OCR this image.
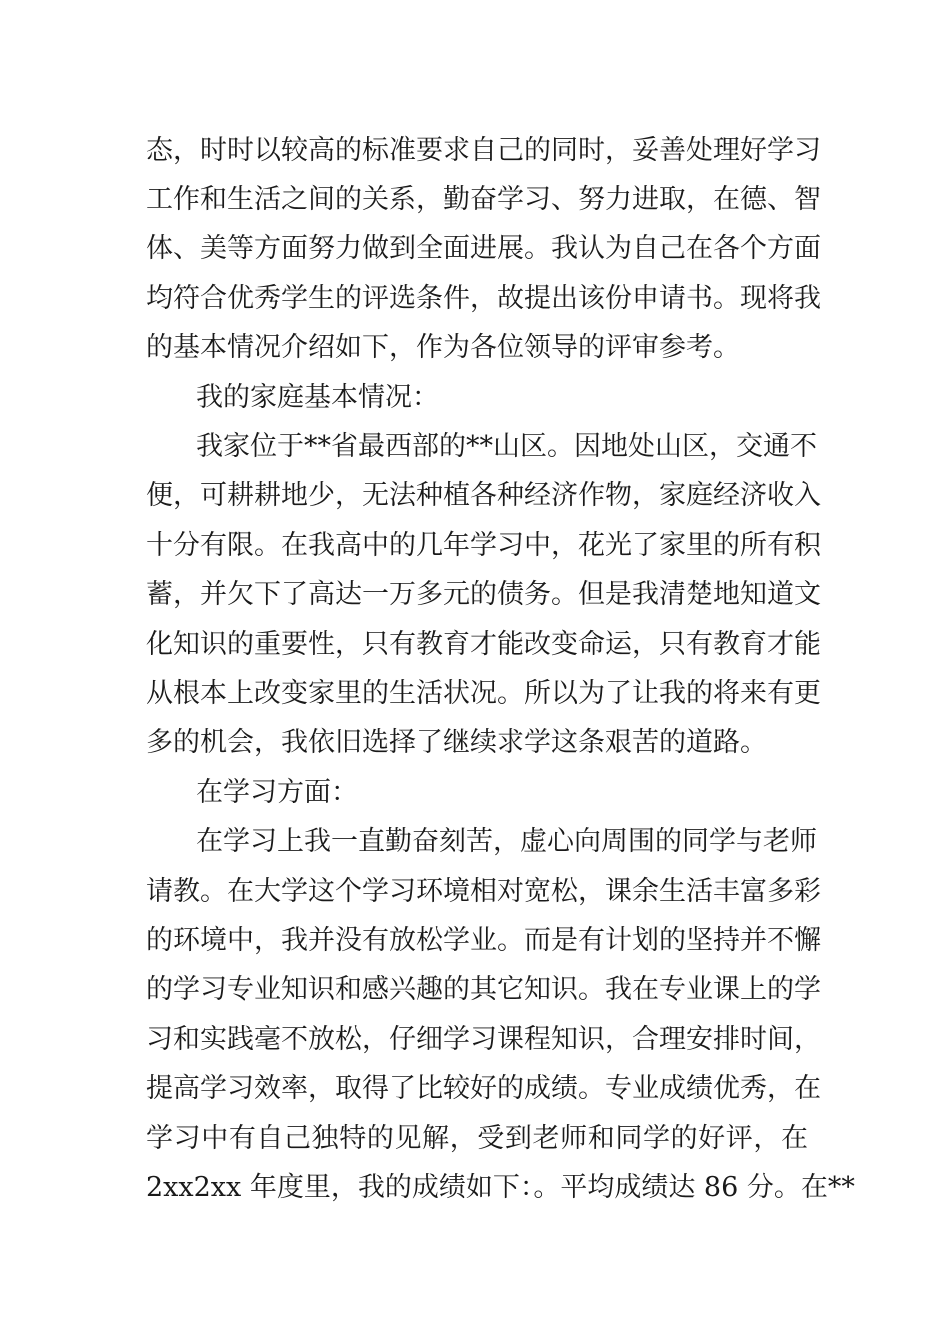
态，时时以较高的标准要求自己的同时，妥善处理好学习
工作和生活之间的关系，勤奋学习、努力进取，在德、智
体、美等方面努力做到全面进展。我认为自己在各个方面
均符合优秀学生的评选条件，故提出该份申请书。现将我
的基本情况介绍如下，作为各位领导的评审参考。
我的家庭基本情况：
我家位于**省最西部的**山区。因地处山区，交通不
便，可耕耕地少，无法种植各种经济作物，家庭经济收入
十分有限。在我高中的几年学习中，花光了家里的所有积
蓄，并欠下了高达一万多元的债务。但是我清楚地知道文
化知识的重要性，只有教育才能改变命运，只有教育才能
从根本上改变家里的生活状况。所以为了让我的将来有更
多的机会，我依旧选择了继续求学这条艰苦的道路。
在学习方面：
在学习上我一直勤奋刻苦，虚心向周围的同学与老师
请教。在大学这个学习环境相对宽松，课余生活丰富多彩
的环境中，我并没有放松学业。而是有计划的坚持并不懈
的学习专业知识和感兴趣的其它知识。我在专业课上的学
习和实践毫不放松，仔细学习课程知识，合理安排时间，
提高学习效率，取得了比较好的成绩。专业成绩优秀，在
学习中有自己独特的见解，受到老师和同学的好评，在
2xx2xx 年度里，我的成绩如下：。平均成绩达 86 分。在**
